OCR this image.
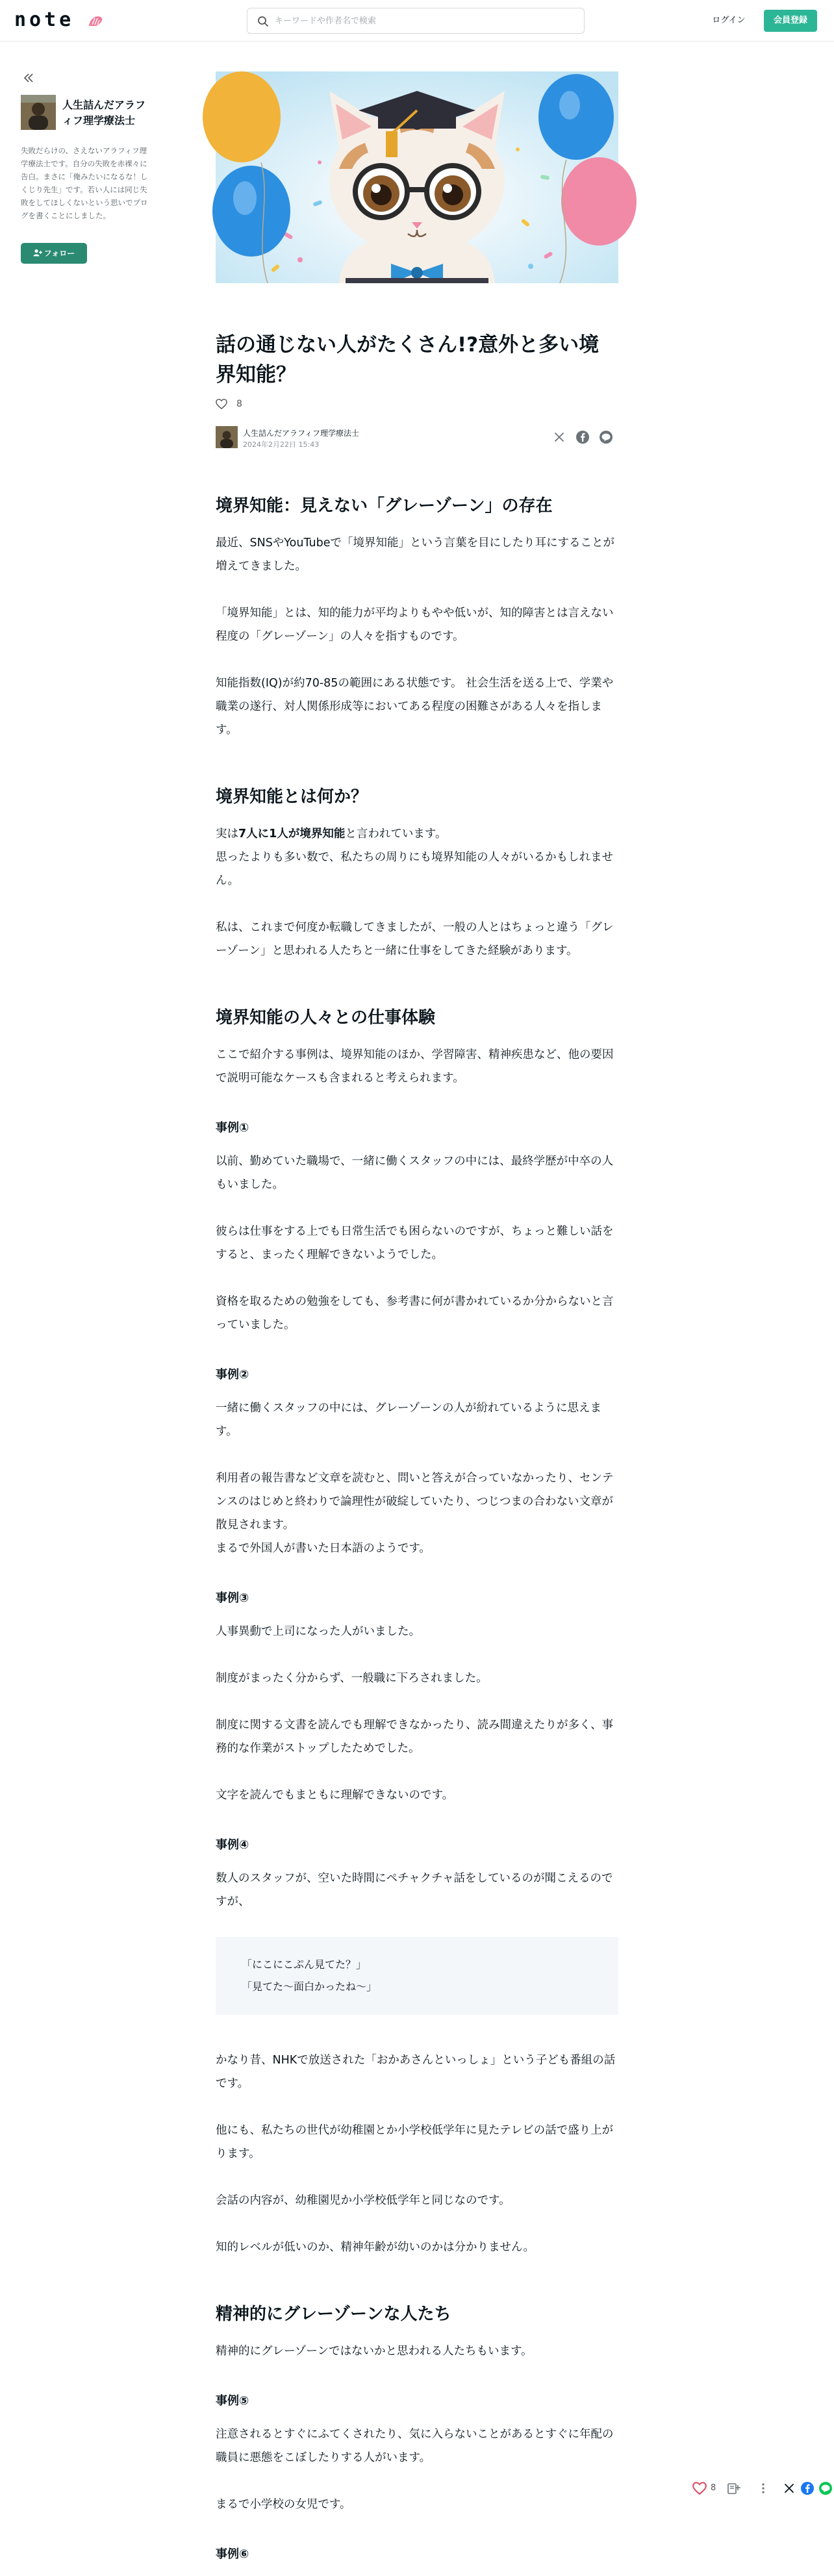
note
キーワードや作者名で検索	ログイン	会員登録
人生詰んだアラフィフ理学療法士
失敗だらけの、さえないアラフィフ理学療法士です。自分の失敗を赤裸々に告白。まさに「俺みたいになるな！しくじり先生」です。若い人には同じ失敗をしてほしくないという思いでブログを書くことにしました。
フォロー
話の通じない人がたくさん!?意外と多い境界知能？
8
人生詰んだアラフィフ理学療法士
2024年2月22日 15:43
境界知能：見えない「グレーゾーン」の存在

最近、SNSやYouTubeで「境界知能」という言葉を目にしたり耳にすることが増えてきました。

「境界知能」とは、知的能力が平均よりもやや低いが、知的障害とは言えない程度の「グレーゾーン」の人々を指すものです。

知能指数(IQ)が約70-85の範囲にある状態です。 社会生活を送る上で、学業や職業の遂行、対人関係形成等においてある程度の困難さがある人々を指します。

境界知能とは何か？

実は7人に1人が境界知能と言われています。
思ったよりも多い数で、私たちの周りにも境界知能の人々がいるかもしれません。

私は、これまで何度か転職してきましたが、一般の人とはちょっと違う「グレーゾーン」と思われる人たちと一緒に仕事をしてきた経験があります。

境界知能の人々との仕事体験

ここで紹介する事例は、境界知能のほか、学習障害、精神疾患など、他の要因で説明可能なケースも含まれると考えられます。

事例①

以前、勤めていた職場で、一緒に働くスタッフの中には、最終学歴が中卒の人もいました。

彼らは仕事をする上でも日常生活でも困らないのですが、ちょっと難しい話をすると、まったく理解できないようでした。

資格を取るための勉強をしても、参考書に何が書かれているか分からないと言っていました。

事例②

一緒に働くスタッフの中には、グレーゾーンの人が紛れているように思えます。

利用者の報告書など文章を読むと、問いと答えが合っていなかったり、センテンスのはじめと終わりで論理性が破綻していたり、つじつまの合わない文章が散見されます。
まるで外国人が書いた日本語のようです。

事例③

人事異動で上司になった人がいました。

制度がまったく分からず、一般職に下ろされました。

制度に関する文書を読んでも理解できなかったり、読み間違えたりが多く、事務的な作業がストップしたためでした。

文字を読んでもまともに理解できないのです。

事例④

数人のスタッフが、空いた時間にペチャクチャ話をしているのが聞こえるのですが、

「にこにこぷん見てた？」
「見てた〜面白かったね〜」

かなり昔、NHKで放送された「おかあさんといっしょ」という子ども番組の話です。

他にも、私たちの世代が幼稚園とか小学校低学年に見たテレビの話で盛り上がります。

会話の内容が、幼稚園児か小学校低学年と同じなのです。

知的レベルが低いのか、精神年齢が幼いのかは分かりません。

精神的にグレーゾーンな人たち

精神的にグレーゾーンではないかと思われる人たちもいます。

事例⑤

注意されるとすぐにふてくされたり、気に入らないことがあるとすぐに年配の職員に悪態をこぼしたりする人がいます。

まるで小学校の女児です。

事例⑥
8
